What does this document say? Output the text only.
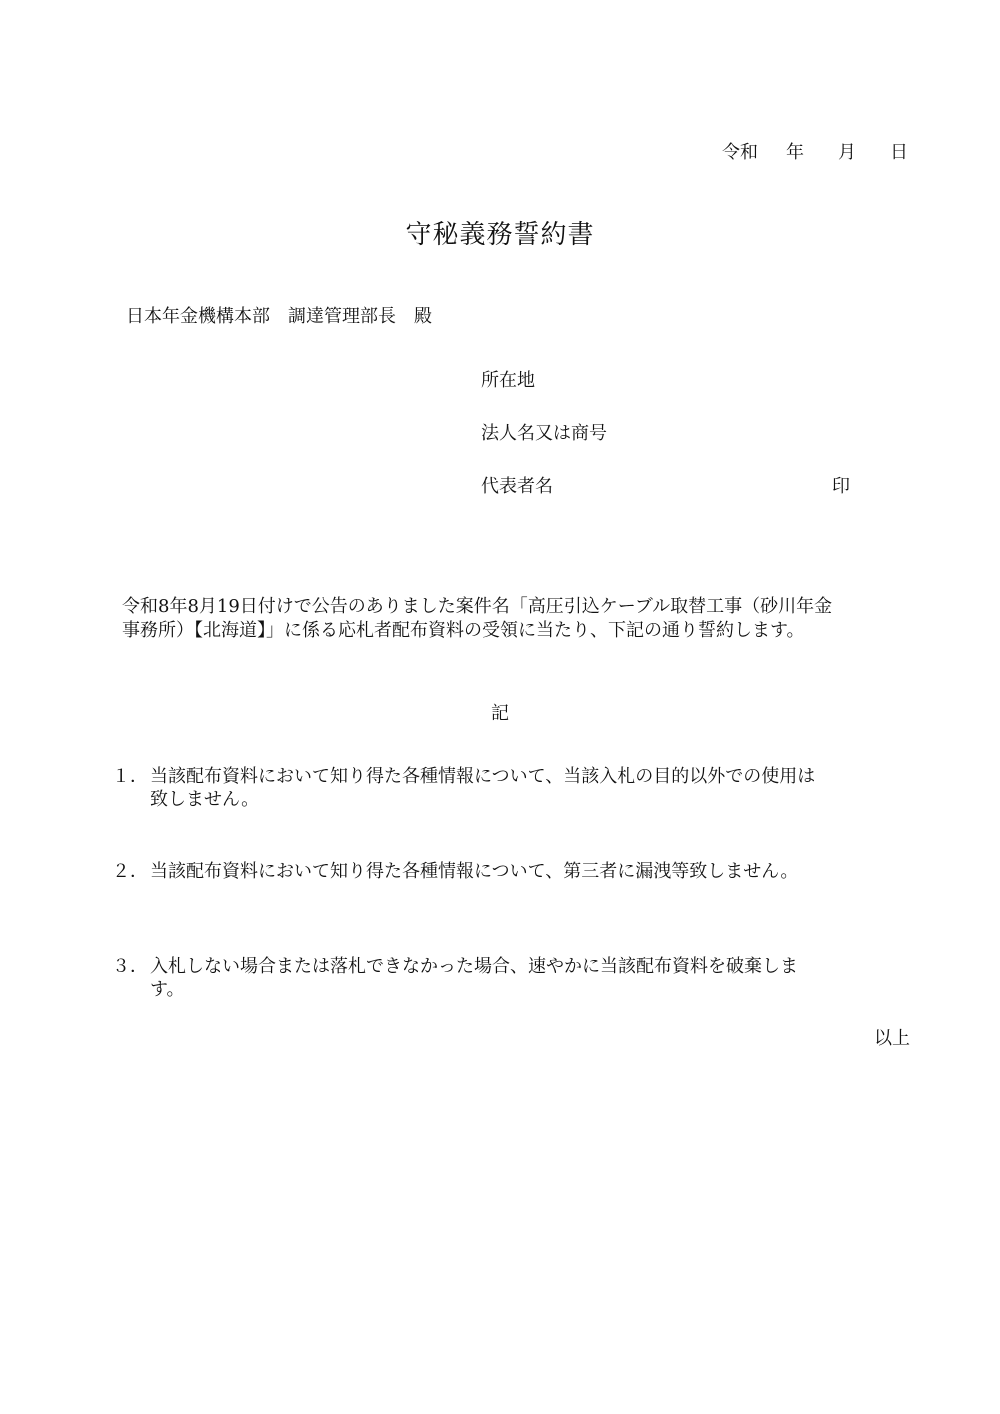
令和 年 月 日
守秘義務誓約書
日本年金機構本部　調達管理部長　殿
所在地
法人名又は商号
代表者名	印
令和8年8月19日付けで公告のありました案件名「高圧引込ケーブル取替工事（砂川年金
事務所）【北海道】」に係る応札者配布資料の受領に当たり、下記の通り誓約します。
記
１． 当該配布資料において知り得た各種情報について、当該入札の目的以外での使用は
致しません。
２． 当該配布資料において知り得た各種情報について、第三者に漏洩等致しません。
３． 入札しない場合または落札できなかった場合、速やかに当該配布資料を破棄しま
す。
以上
